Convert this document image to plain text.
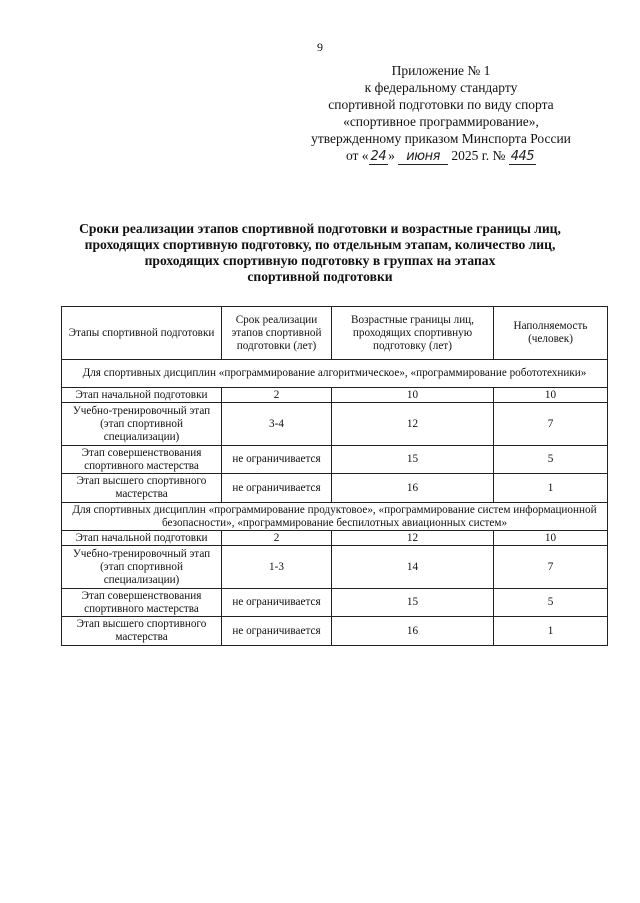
9
Приложение № 1
к федеральному стандарту
спортивной подготовки по виду спорта
«спортивное программирование»,
утвержденному приказом Минспорта России
от « 24 » июня 2025 г. № 445
Сроки реализации этапов спортивной подготовки и возрастные границы лиц,
проходящих спортивную подготовку, по отдельным этапам, количество лиц,
проходящих спортивную подготовку в группах на этапах
спортивной подготовки
Этапы спортивной подготовки	Срок реализации этапов спортивной подготовки (лет)	Возрастные границы лиц, проходящих спортивную подготовку (лет)	Наполняемость (человек)
Для спортивных дисциплин «программирование алгоритмическое», «программирование робототехники»			
Этап начальной подготовки	2	10	10
Учебно-тренировочный этап (этап спортивной специализации)	3-4	12	7
Этап совершенствования спортивного мастерства	не ограничивается	15	5
Этап высшего спортивного мастерства	не ограничивается	16	1
Для спортивных дисциплин «программирование продуктовое», «программирование систем информационной безопасности», «программирование беспилотных авиационных систем»			
Этап начальной подготовки	2	12	10
Учебно-тренировочный этап (этап спортивной специализации)	1-3	14	7
Этап совершенствования спортивного мастерства	не ограничивается	15	5
Этап высшего спортивного мастерства	не ограничивается	16	1
